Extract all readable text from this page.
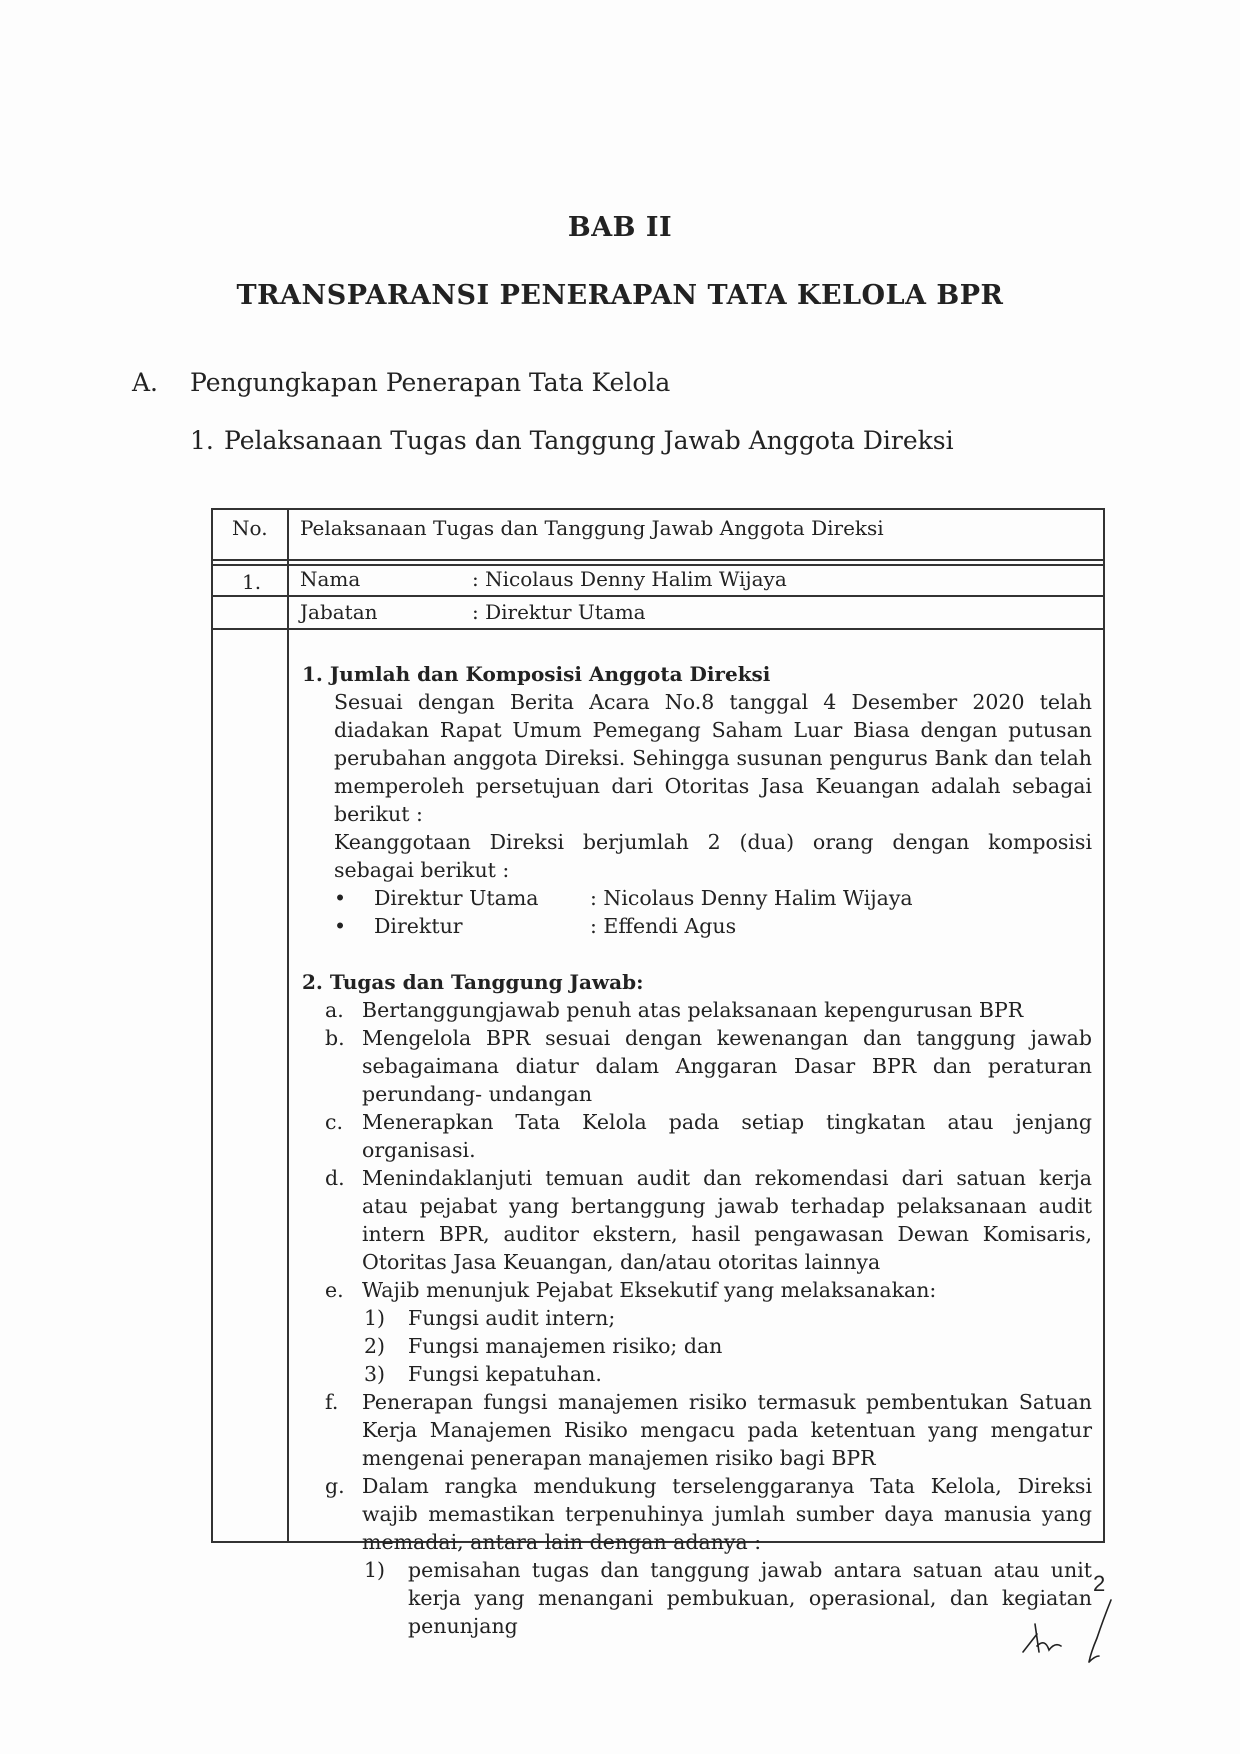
BAB II
TRANSPARANSI PENERAPAN TATA KELOLA BPR
A. Pengungkapan Penerapan Tata Kelola
1. Pelaksanaan Tugas dan Tanggung Jawab Anggota Direksi
No. Pelaksanaan Tugas dan Tanggung Jawab Anggota Direksi
1. Nama	: Nicolaus Denny Halim Wijaya
Jabatan	: Direktur Utama
1. Jumlah dan Komposisi Anggota Direksi
Sesuai dengan Berita Acara No.8 tanggal 4 Desember 2020 telah diadakan Rapat Umum Pemegang Saham Luar Biasa dengan putusan perubahan anggota Direksi. Sehingga susunan pengurus Bank dan telah memperoleh persetujuan dari Otoritas Jasa Keuangan adalah sebagai berikut :
Keanggotaan Direksi berjumlah 2 (dua) orang dengan komposisi sebagai berikut :
• Direktur Utama	: Nicolaus Denny Halim Wijaya
• Direktur	: Effendi Agus
2. Tugas dan Tanggung Jawab:
a. Bertanggungjawab penuh atas pelaksanaan kepengurusan BPR
b. Mengelola BPR sesuai dengan kewenangan dan tanggung jawab sebagaimana diatur dalam Anggaran Dasar BPR dan peraturan perundang- undangan
c. Menerapkan Tata Kelola pada setiap tingkatan atau jenjang organisasi.
d. Menindaklanjuti temuan audit dan rekomendasi dari satuan kerja atau pejabat yang bertanggung jawab terhadap pelaksanaan audit intern BPR, auditor ekstern, hasil pengawasan Dewan Komisaris, Otoritas Jasa Keuangan, dan/atau otoritas lainnya
e. Wajib menunjuk Pejabat Eksekutif yang melaksanakan:
1) Fungsi audit intern;
2) Fungsi manajemen risiko; dan
3) Fungsi kepatuhan.
f. Penerapan fungsi manajemen risiko termasuk pembentukan Satuan Kerja Manajemen Risiko mengacu pada ketentuan yang mengatur mengenai penerapan manajemen risiko bagi BPR
g. Dalam rangka mendukung terselenggaranya Tata Kelola, Direksi wajib memastikan terpenuhinya jumlah sumber daya manusia yang memadai, antara lain dengan adanya :
1) pemisahan tugas dan tanggung jawab antara satuan atau unit kerja yang menangani pembukuan, operasional, dan kegiatan penunjang
2
